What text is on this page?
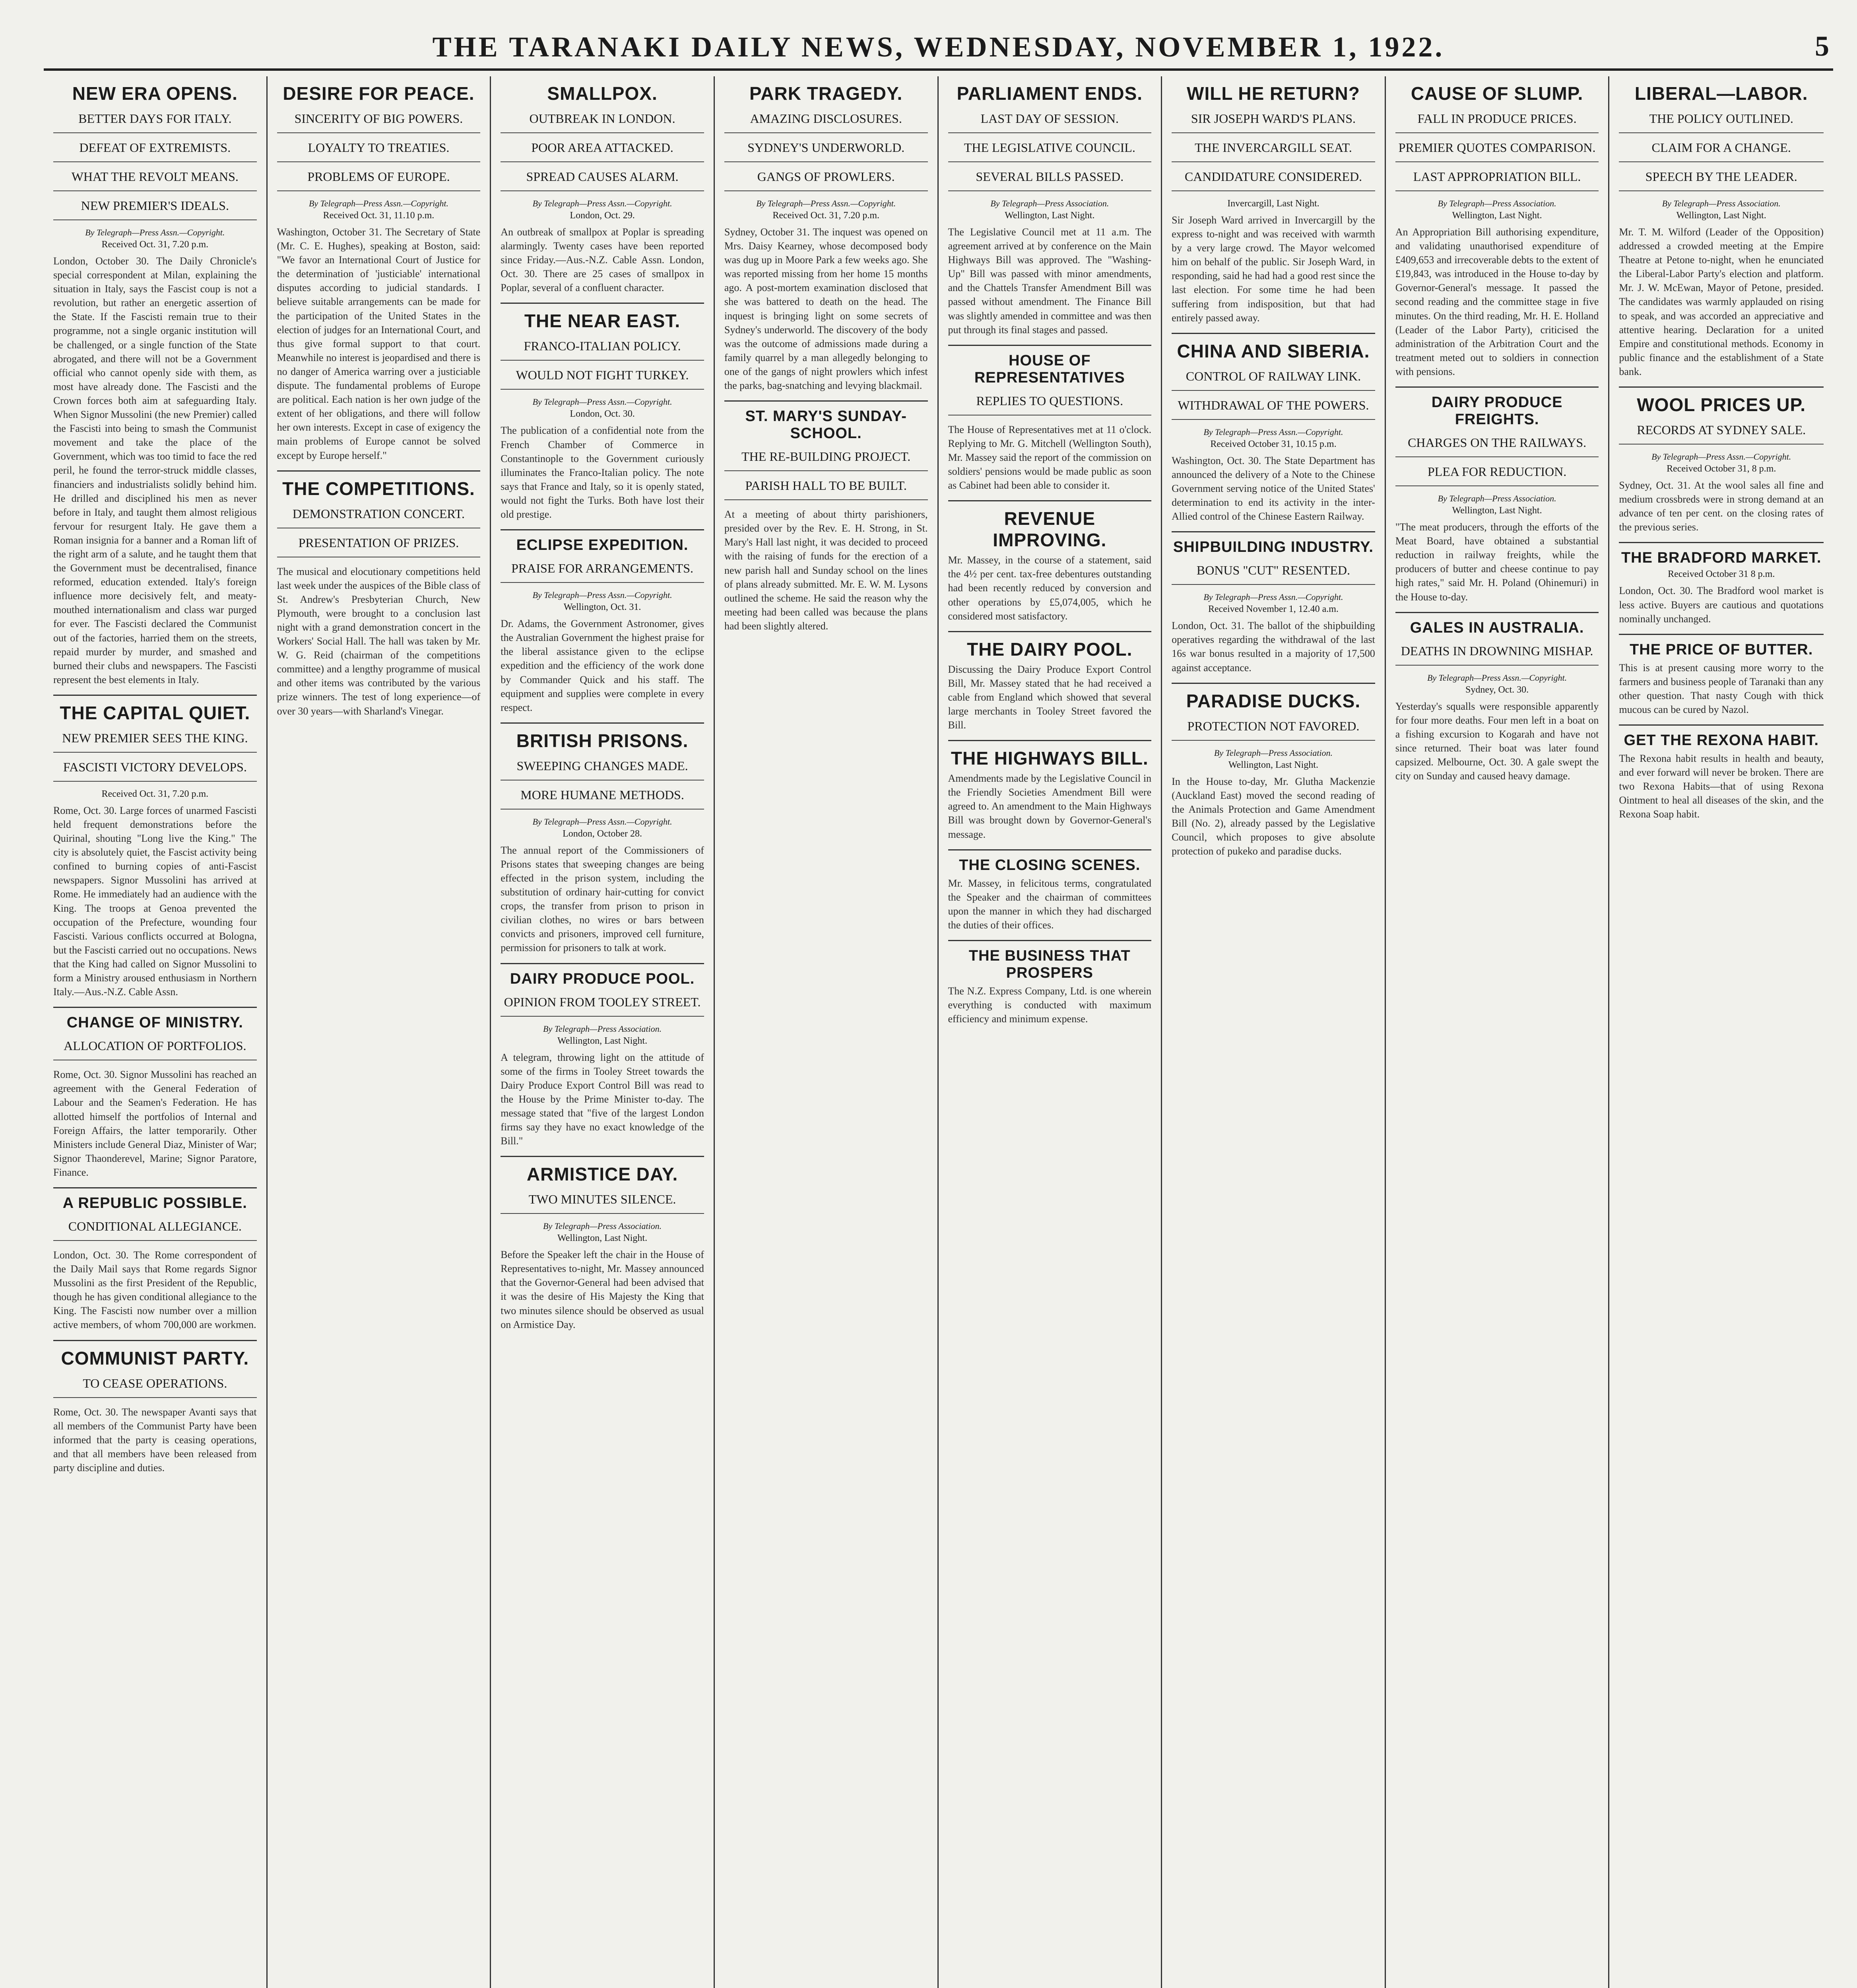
THE TARANAKI DAILY NEWS, WEDNESDAY, NOVEMBER 1, 1922.	5
NEW ERA OPENS.
BETTER DAYS FOR ITALY.
DEFEAT OF EXTREMISTS.
WHAT THE REVOLT MEANS.
NEW PREMIER'S IDEALS.
By Telegraph—Press Assn.—Copyright.
Received Oct. 31, 7.20 p.m.
London, October 30. The Daily Chronicle's special correspondent at Milan, explaining the situation in Italy, says the Fascist coup is not a revolution, but rather an energetic assertion of the State. If the Fascisti remain true to their programme, not a single organic institution will be challenged, or a single function of the State abrogated, and there will not be a Government official who cannot openly side with them, as most have already done. The Fascisti and the Crown forces both aim at safeguarding Italy. When Signor Mussolini (the new Premier) called the Fascisti into being to smash the Communist movement and take the place of the Government, which was too timid to face the red peril, he found the terror-struck middle classes, financiers and industrialists solidly behind him. He drilled and disciplined his men as never before in Italy, and taught them almost religious fervour for resurgent Italy. He gave them a Roman insignia for a banner and a Roman lift of the right arm of a salute, and he taught them that the Government must be decentralised, finance reformed, education extended. Italy's foreign influence more decisively felt, and meaty-mouthed internationalism and class war purged for ever. The Fascisti declared the Communist out of the factories, harried them on the streets, repaid murder by murder, and smashed and burned their clubs and newspapers. The Fascisti represent the best elements in Italy.
THE CAPITAL QUIET.
NEW PREMIER SEES THE KING.
FASCISTI VICTORY DEVELOPS.
Received Oct. 31, 7.20 p.m.
Rome, Oct. 30. Large forces of unarmed Fascisti held frequent demonstrations before the Quirinal, shouting "Long live the King." The city is absolutely quiet, the Fascist activity being confined to burning copies of anti-Fascist newspapers. Signor Mussolini has arrived at Rome. He immediately had an audience with the King. The troops at Genoa prevented the occupation of the Prefecture, wounding four Fascisti. Various conflicts occurred at Bologna, but the Fascisti carried out no occupations. News that the King had called on Signor Mussolini to form a Ministry aroused enthusiasm in Northern Italy.—Aus.-N.Z. Cable Assn.
CHANGE OF MINISTRY.
ALLOCATION OF PORTFOLIOS.
Rome, Oct. 30. Signor Mussolini has reached an agreement with the General Federation of Labour and the Seamen's Federation. He has allotted himself the portfolios of Internal and Foreign Affairs, the latter temporarily. Other Ministers include General Diaz, Minister of War; Signor Thaonderevel, Marine; Signor Paratore, Finance.
A REPUBLIC POSSIBLE.
CONDITIONAL ALLEGIANCE.
London, Oct. 30. The Rome correspondent of the Daily Mail says that Rome regards Signor Mussolini as the first President of the Republic, though he has given conditional allegiance to the King. The Fascisti now number over a million active members, of whom 700,000 are workmen.
COMMUNIST PARTY.
TO CEASE OPERATIONS.
Rome, Oct. 30. The newspaper Avanti says that all members of the Communist Party have been informed that the party is ceasing operations, and that all members have been released from party discipline and duties.
DESIRE FOR PEACE.
SINCERITY OF BIG POWERS.
LOYALTY TO TREATIES.
PROBLEMS OF EUROPE.
By Telegraph—Press Assn.—Copyright.
Received Oct. 31, 11.10 p.m.
Washington, October 31. The Secretary of State (Mr. C. E. Hughes), speaking at Boston, said: "We favor an International Court of Justice for the determination of 'justiciable' international disputes according to judicial standards. I believe suitable arrangements can be made for the participation of the United States in the election of judges for an International Court, and thus give formal support to that court. Meanwhile no interest is jeopardised and there is no danger of America warring over a justiciable dispute. The fundamental problems of Europe are political. Each nation is her own judge of the extent of her obligations, and there will follow her own interests. Except in case of exigency the main problems of Europe cannot be solved except by Europe herself."
THE COMPETITIONS.
DEMONSTRATION CONCERT.
PRESENTATION OF PRIZES.
The musical and elocutionary competitions held last week under the auspices of the Bible class of St. Andrew's Presbyterian Church, New Plymouth, were brought to a conclusion last night with a grand demonstration concert in the Workers' Social Hall. The hall was taken by Mr. W. G. Reid (chairman of the competitions committee) and a lengthy programme of musical and other items was contributed by the various prize winners. The test of long experience—of over 30 years—with Sharland's Vinegar.
SMALLPOX.
OUTBREAK IN LONDON.
POOR AREA ATTACKED.
SPREAD CAUSES ALARM.
By Telegraph—Press Assn.—Copyright.
London, Oct. 29.
An outbreak of smallpox at Poplar is spreading alarmingly. Twenty cases have been reported since Friday.—Aus.-N.Z. Cable Assn. London, Oct. 30. There are 25 cases of smallpox in Poplar, several of a confluent character.
THE NEAR EAST.
FRANCO-ITALIAN POLICY.
WOULD NOT FIGHT TURKEY.
By Telegraph—Press Assn.—Copyright.
London, Oct. 30.
The publication of a confidential note from the French Chamber of Commerce in Constantinople to the Government curiously illuminates the Franco-Italian policy. The note says that France and Italy, so it is openly stated, would not fight the Turks. Both have lost their old prestige.
ECLIPSE EXPEDITION.
PRAISE FOR ARRANGEMENTS.
By Telegraph—Press Assn.—Copyright.
Wellington, Oct. 31.
Dr. Adams, the Government Astronomer, gives the Australian Government the highest praise for the liberal assistance given to the eclipse expedition and the efficiency of the work done by Commander Quick and his staff. The equipment and supplies were complete in every respect.
BRITISH PRISONS.
SWEEPING CHANGES MADE.
MORE HUMANE METHODS.
By Telegraph—Press Assn.—Copyright.
London, October 28.
The annual report of the Commissioners of Prisons states that sweeping changes are being effected in the prison system, including the substitution of ordinary hair-cutting for convict crops, the transfer from prison to prison in civilian clothes, no wires or bars between convicts and prisoners, improved cell furniture, permission for prisoners to talk at work.
DAIRY PRODUCE POOL.
OPINION FROM TOOLEY STREET.
By Telegraph—Press Association.
Wellington, Last Night.
A telegram, throwing light on the attitude of some of the firms in Tooley Street towards the Dairy Produce Export Control Bill was read to the House by the Prime Minister to-day. The message stated that "five of the largest London firms say they have no exact knowledge of the Bill."
ARMISTICE DAY.
TWO MINUTES SILENCE.
By Telegraph—Press Association.
Wellington, Last Night.
Before the Speaker left the chair in the House of Representatives to-night, Mr. Massey announced that the Governor-General had been advised that it was the desire of His Majesty the King that two minutes silence should be observed as usual on Armistice Day.
PARK TRAGEDY.
AMAZING DISCLOSURES.
SYDNEY'S UNDERWORLD.
GANGS OF PROWLERS.
By Telegraph—Press Assn.—Copyright.
Received Oct. 31, 7.20 p.m.
Sydney, October 31. The inquest was opened on Mrs. Daisy Kearney, whose decomposed body was dug up in Moore Park a few weeks ago. She was reported missing from her home 15 months ago. A post-mortem examination disclosed that she was battered to death on the head. The inquest is bringing light on some secrets of Sydney's underworld. The discovery of the body was the outcome of admissions made during a family quarrel by a man allegedly belonging to one of the gangs of night prowlers which infest the parks, bag-snatching and levying blackmail.
ST. MARY'S SUNDAY-SCHOOL.
THE RE-BUILDING PROJECT.
PARISH HALL TO BE BUILT.
At a meeting of about thirty parishioners, presided over by the Rev. E. H. Strong, in St. Mary's Hall last night, it was decided to proceed with the raising of funds for the erection of a new parish hall and Sunday school on the lines of plans already submitted. Mr. E. W. M. Lysons outlined the scheme. He said the reason why the meeting had been called was because the plans had been slightly altered.
PARLIAMENT ENDS.
LAST DAY OF SESSION.
THE LEGISLATIVE COUNCIL.
SEVERAL BILLS PASSED.
By Telegraph—Press Association.
Wellington, Last Night.
The Legislative Council met at 11 a.m. The agreement arrived at by conference on the Main Highways Bill was approved. The "Washing-Up" Bill was passed with minor amendments, and the Chattels Transfer Amendment Bill was passed without amendment. The Finance Bill was slightly amended in committee and was then put through its final stages and passed.
HOUSE OF REPRESENTATIVES
REPLIES TO QUESTIONS.
The House of Representatives met at 11 o'clock. Replying to Mr. G. Mitchell (Wellington South), Mr. Massey said the report of the commission on soldiers' pensions would be made public as soon as Cabinet had been able to consider it.
REVENUE IMPROVING.
Mr. Massey, in the course of a statement, said the 4½ per cent. tax-free debentures outstanding had been recently reduced by conversion and other operations by £5,074,005, which he considered most satisfactory.
THE DAIRY POOL.
Discussing the Dairy Produce Export Control Bill, Mr. Massey stated that he had received a cable from England which showed that several large merchants in Tooley Street favored the Bill.
THE HIGHWAYS BILL.
Amendments made by the Legislative Council in the Friendly Societies Amendment Bill were agreed to. An amendment to the Main Highways Bill was brought down by Governor-General's message.
THE CLOSING SCENES.
Mr. Massey, in felicitous terms, congratulated the Speaker and the chairman of committees upon the manner in which they had discharged the duties of their offices.
THE BUSINESS THAT PROSPERS
The N.Z. Express Company, Ltd. is one wherein everything is conducted with maximum efficiency and minimum expense.
WILL HE RETURN?
SIR JOSEPH WARD'S PLANS.
THE INVERCARGILL SEAT.
CANDIDATURE CONSIDERED.
Invercargill, Last Night.
Sir Joseph Ward arrived in Invercargill by the express to-night and was received with warmth by a very large crowd. The Mayor welcomed him on behalf of the public. Sir Joseph Ward, in responding, said he had had a good rest since the last election. For some time he had been suffering from indisposition, but that had entirely passed away.
CHINA AND SIBERIA.
CONTROL OF RAILWAY LINK.
WITHDRAWAL OF THE POWERS.
By Telegraph—Press Assn.—Copyright.
Received October 31, 10.15 p.m.
Washington, Oct. 30. The State Department has announced the delivery of a Note to the Chinese Government serving notice of the United States' determination to end its activity in the inter-Allied control of the Chinese Eastern Railway.
SHIPBUILDING INDUSTRY.
BONUS "CUT" RESENTED.
By Telegraph—Press Assn.—Copyright.
Received November 1, 12.40 a.m.
London, Oct. 31. The ballot of the shipbuilding operatives regarding the withdrawal of the last 16s war bonus resulted in a majority of 17,500 against acceptance.
PARADISE DUCKS.
PROTECTION NOT FAVORED.
By Telegraph—Press Association.
Wellington, Last Night.
In the House to-day, Mr. Glutha Mackenzie (Auckland East) moved the second reading of the Animals Protection and Game Amendment Bill (No. 2), already passed by the Legislative Council, which proposes to give absolute protection of pukeko and paradise ducks.
CAUSE OF SLUMP.
FALL IN PRODUCE PRICES.
PREMIER QUOTES COMPARISON.
LAST APPROPRIATION BILL.
By Telegraph—Press Association.
Wellington, Last Night.
An Appropriation Bill authorising expenditure, and validating unauthorised expenditure of £409,653 and irrecoverable debts to the extent of £19,843, was introduced in the House to-day by Governor-General's message. It passed the second reading and the committee stage in five minutes. On the third reading, Mr. H. E. Holland (Leader of the Labor Party), criticised the administration of the Arbitration Court and the treatment meted out to soldiers in connection with pensions.
DAIRY PRODUCE FREIGHTS.
CHARGES ON THE RAILWAYS.
PLEA FOR REDUCTION.
By Telegraph—Press Association.
Wellington, Last Night.
"The meat producers, through the efforts of the Meat Board, have obtained a substantial reduction in railway freights, while the producers of butter and cheese continue to pay high rates," said Mr. H. Poland (Ohinemuri) in the House to-day.
GALES IN AUSTRALIA.
DEATHS IN DROWNING MISHAP.
By Telegraph—Press Assn.—Copyright.
Sydney, Oct. 30.
Yesterday's squalls were responsible apparently for four more deaths. Four men left in a boat on a fishing excursion to Kogarah and have not since returned. Their boat was later found capsized. Melbourne, Oct. 30. A gale swept the city on Sunday and caused heavy damage.
LIBERAL—LABOR.
THE POLICY OUTLINED.
CLAIM FOR A CHANGE.
SPEECH BY THE LEADER.
By Telegraph—Press Association.
Wellington, Last Night.
Mr. T. M. Wilford (Leader of the Opposition) addressed a crowded meeting at the Empire Theatre at Petone to-night, when he enunciated the Liberal-Labor Party's election and platform. Mr. J. W. McEwan, Mayor of Petone, presided. The candidates was warmly applauded on rising to speak, and was accorded an appreciative and attentive hearing. Declaration for a united Empire and constitutional methods. Economy in public finance and the establishment of a State bank.
WOOL PRICES UP.
RECORDS AT SYDNEY SALE.
By Telegraph—Press Assn.—Copyright.
Received October 31, 8 p.m.
Sydney, Oct. 31. At the wool sales all fine and medium crossbreds were in strong demand at an advance of ten per cent. on the closing rates of the previous series.
THE BRADFORD MARKET.
Received October 31 8 p.m.
London, Oct. 30. The Bradford wool market is less active. Buyers are cautious and quotations nominally unchanged.
THE PRICE OF BUTTER.
This is at present causing more worry to the farmers and business people of Taranaki than any other question. That nasty Cough with thick mucous can be cured by Nazol.
GET THE REXONA HABIT.
The Rexona habit results in health and beauty, and ever forward will never be broken. There are two Rexona Habits—that of using Rexona Ointment to heal all diseases of the skin, and the Rexona Soap habit.
